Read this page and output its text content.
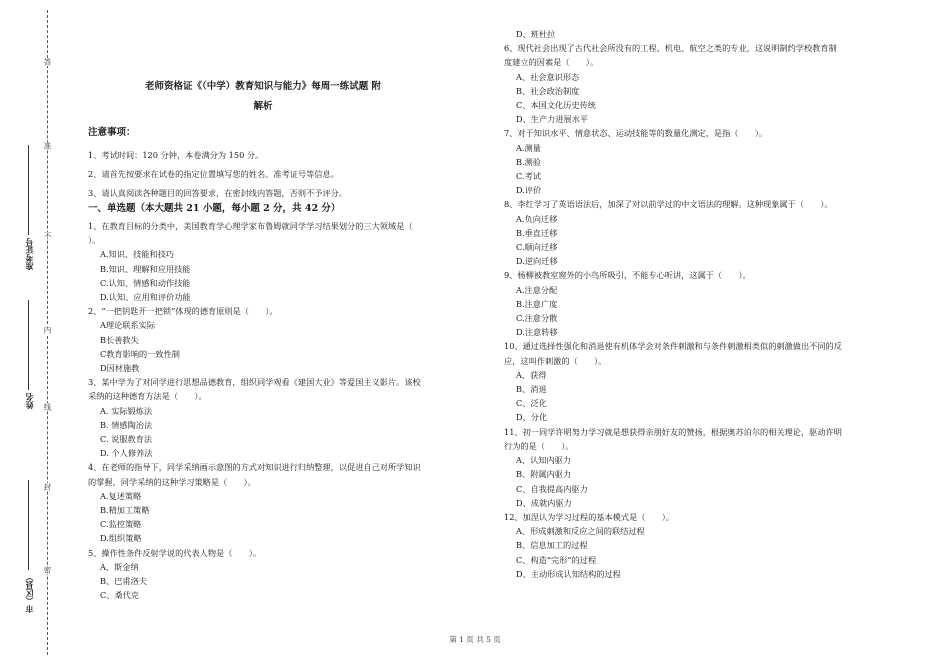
答
准
不
内
线
封
密
准考证号
姓名
市（区县）
老师资格证《（中学）教育知识与能力》每周一练试题 附
解析
注意事项：
1、考试时间：120 分钟，本卷满分为 150 分。
2、请首先按要求在试卷的指定位置填写您的姓名、准考证号等信息。
3、请认真阅读各种题目的回答要求，在密封线内答题，否则不予评分。
一、单选题（本大题共 21 小题，每小题 2 分，共 42 分）
1、在教育目标的分类中，美国教育学心理学家布鲁姆就同学学习结果划分的三大领域是（
）。
A.知识、技能和技巧
B.知识、理解和应用技能
C.认知、情感和动作技能
D.认知、应用和评价功能
2、“一把钥匙开一把锁”体现的德育原则是（　　）。
A理论联系实际
B长善救失
C教育影响的一致性制
D因材施教
3、某中学为了对同学进行思想品德教育，组织同学观看《建国大业》等爱国主义影片。该校
采纳的这种德育方法是（　　）。
A. 实际锻炼法
B. 情感陶冶法
C. 说服教育法
D. 个人修养法
4、在老师的指导下，同学采纳画示意图的方式对知识进行归纳整理，以促进自己对所学知识
的掌握，同学采纳的这种学习策略是（　　）。
A.复述策略
B.精加工策略
C.监控策略
D.组织策略
5、操作性条件反射学说的代表人物是（　　）。
A、斯金纳
B、巴甫洛夫
C、桑代克
D、班杜拉
6、现代社会出现了古代社会所没有的工程、机电、航空之类的专业，这说明制约学校教育制
度建立的因素是（　　）。
A、社会意识形态
B、社会政治制度
C、本国文化历史传统
D、生产力进展水平
7、对于知识水平、情意状态、运动技能等的数量化测定，是指（　　）。
A.测量
B.测验
C.考试
D.评价
8、李红学习了英语语法后，加深了对以前学过的中文语法的理解。这种现象属于（　　）。
A.负向迁移
B.垂直迁移
C.顺向迁移
D.逆向迁移
9、杨柳被教室窗外的小鸟所吸引，不能专心听讲，这属于（　　）。
A.注意分配
B.注意广度
C.注意分散
D.注意转移
10、通过选择性强化和消退使有机体学会对条件刺激和与条件刺激相类似的刺激做出不同的反
应，这叫作刺激的（　　）。
A、获得
B、消退
C、泛化
D、分化
11、初一同学许明努力学习就是想获得亲朋好友的赞扬，根据奥苏泊尔的相关理论，驱动许明
行为的是（　　）。
A、认知内驱力
B、附属内驱力
C、自我提高内驱力
D、成就内驱力
12、加涅认为学习过程的基本模式是（　　）。
A、形成刺激和反应之间的联结过程
B、信息加工的过程
C、构造“完形”的过程
D、主动形成认知结构的过程
第 1 页 共 5 页
